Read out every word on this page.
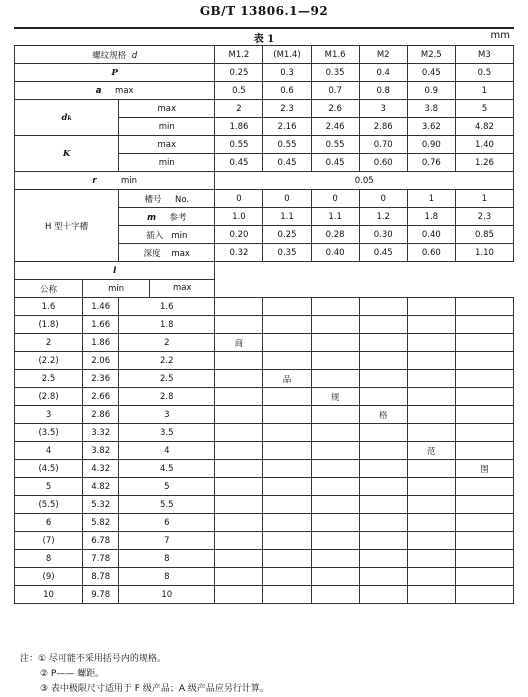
GB/T 13806.1—92
表 1	mm
螺纹规格 d			M1.2	(M1.4)	M1.6	M2	M2.5	M3
P			0.25	0.3	0.35	0.4	0.45	0.5
a max			0.5	0.6	0.7	0.8	0.9	1
dk		max	2	2.3	2.6	3	3.8	5
		min	1.86	2.16	2.46	2.86	3.62	4.82
K		max	0.55	0.55	0.55	0.70	0.90	1.40
		min	0.45	0.45	0.45	0.60	0.76	1.26
r min			0.05					
H 型十字槽		槽号 No.	0	0	0	0	1	1
		m 参考	1.0	1.1	1.1	1.2	1.8	2.3
		插入 min	0.20	0.25	0.28	0.30	0.40	0.85
		深度 max	0.32	0.35	0.40	0.45	0.60	1.10
l								
公称	min max							

1.6	1.46	1.6						
(1.8)	1.66	1.8						
2	1.86	2	商					
(2.2)	2.06	2.2						
2.5	2.36	2.5		品				
(2.8)	2.66	2.8			规			
3	2.86	3				格		
(3.5)	3.32	3.5						
4	3.82	4					范	
(4.5)	4.32	4.5						围
5	4.82	5						
(5.5)	5.32	5.5						
6	5.82	6						
(7)	6.78	7						
8	7.78	8						
(9)	8.78	8						
10	9.78	10						
注：① 尽可能不采用括号内的规格。
② P—— 螺距。
③ 表中极限尺寸适用于 F 级产品；A 级产品应另行计算。
